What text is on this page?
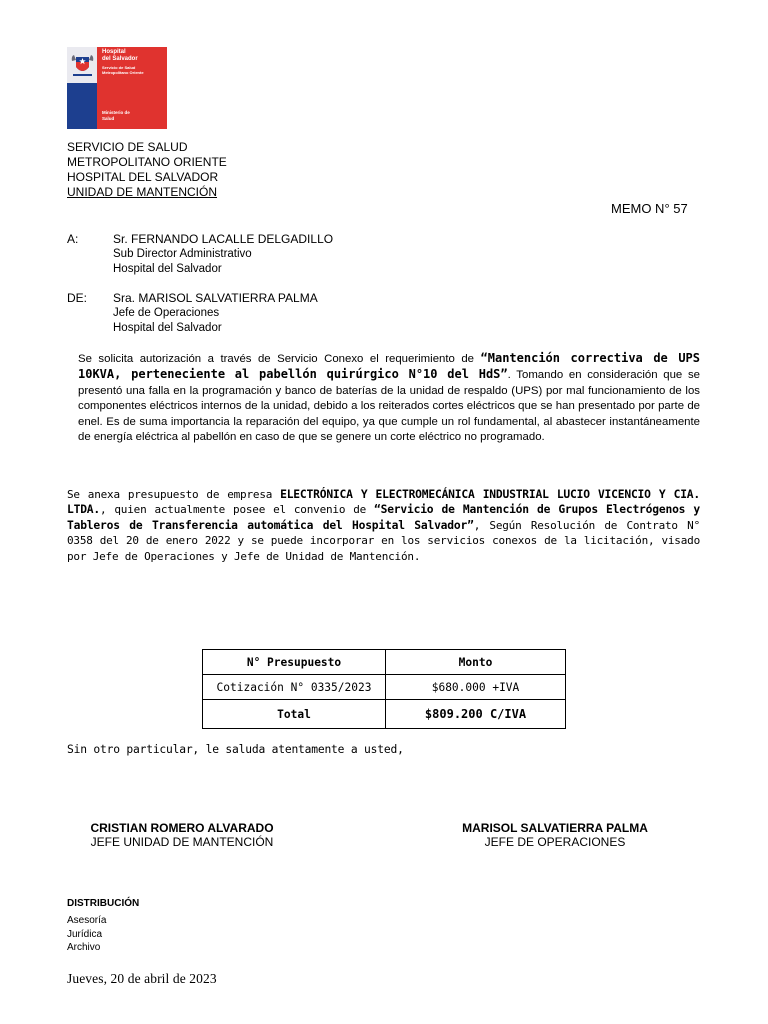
Hospital
del Salvador
Servicio de Salud
Metropolitano Oriente
Ministerio de
Salud
SERVICIO DE SALUD
METROPOLITANO ORIENTE
HOSPITAL DEL SALVADOR
UNIDAD DE MANTENCIÓN
MEMO N° 57
A:	Sr. FERNANDO LACALLE DELGADILLO
Sub Director Administrativo
Hospital del Salvador
DE: Sra. MARISOL SALVATIERRA PALMA
Jefe de Operaciones
Hospital del Salvador
Se solicita autorización a través de Servicio Conexo el requerimiento de “Mantención correctiva de UPS 10KVA, perteneciente al pabellón quirúrgico N°10 del HdS”. Tomando en consideración que se presentó una falla en la programación y banco de baterías de la unidad de respaldo (UPS) por mal funcionamiento de los componentes eléctricos internos de la unidad, debido a los reiterados cortes eléctricos que se han presentado por parte de enel. Es de suma importancia la reparación del equipo, ya que cumple un rol fundamental, al abastecer instantáneamente de energía eléctrica al pabellón en caso de que se genere un corte eléctrico no programado.
Se anexa presupuesto de empresa ELECTRÓNICA Y ELECTROMECÁNICA INDUSTRIAL LUCIO VICENCIO Y CIA. LTDA., quien actualmente posee el convenio de “Servicio de Mantención de Grupos Electrógenos y Tableros de Transferencia automática del Hospital Salvador”, Según Resolución de Contrato N° 0358 del 20 de enero 2022 y se puede incorporar en los servicios conexos de la licitación, visado por Jefe de Operaciones y Jefe de Unidad de Mantención.
N° Presupuesto	Monto
Cotización N° 0335/2023	$680.000 +IVA
Total	$809.200 C/IVA
Sin otro particular, le saluda atentamente a usted,
CRISTIAN ROMERO ALVARADO
JEFE UNIDAD DE MANTENCIÓN
MARISOL SALVATIERRA PALMA
JEFE DE OPERACIONES
DISTRIBUCIÓN
Asesoría
Jurídica
Archivo
Jueves, 20 de abril de 2023
